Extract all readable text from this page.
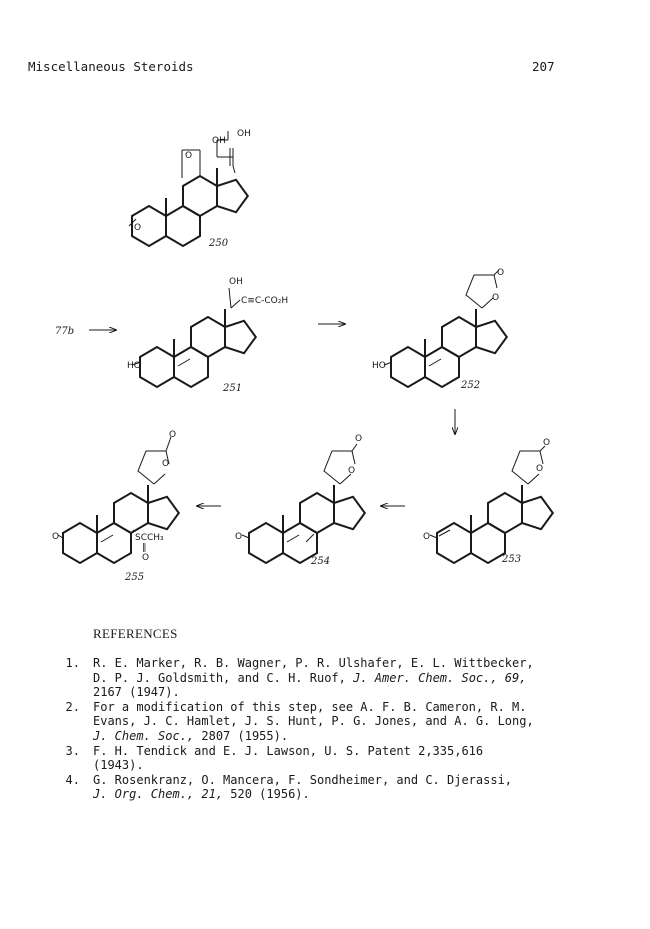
Miscellaneous Steroids	207
O
O
OH
OH
250
77b
OH
C≡C-CO₂H
HO
251
O
O
HO
252
O
O
O
253
O
O
O
254
O
O
O	SCCH₃
‖
O
255
REFERENCES
1. R. E. Marker, R. B. Wagner, P. R. Ulshafer, E. L. Wittbecker,
D. P. J. Goldsmith, and C. H. Ruof, J. Amer. Chem. Soc., 69,
2167 (1947).
2. For a modification of this step, see A. F. B. Cameron, R. M.
Evans, J. C. Hamlet, J. S. Hunt, P. G. Jones, and A. G. Long,
J. Chem. Soc., 2807 (1955).
3. F. H. Tendick and E. J. Lawson, U. S. Patent 2,335,616
(1943).
4. G. Rosenkranz, O. Mancera, F. Sondheimer, and C. Djerassi,
J. Org. Chem., 21, 520 (1956).
